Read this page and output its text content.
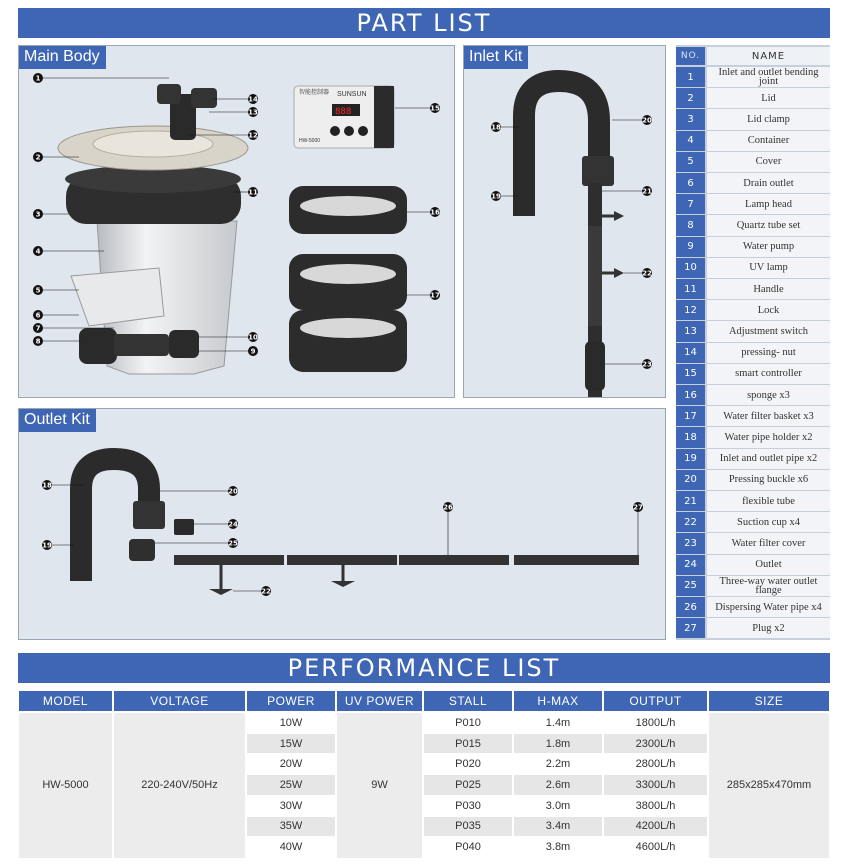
PART LIST
888
智能控制器 SUNSUN
HW-5000
1
14
13
12
2
11
3
4
5
6
7
8	10
9
15
16
17
Main Body
18
20
19
21
22
23
Inlet Kit
18
20
19
24
25
22
26	27
Outlet Kit
NO.	NAME
1	Inlet and outlet bending joint
2	Lid
3	Lid clamp
4	Container
5	Cover
6	Drain outlet
7	Lamp head
8	Quartz tube set
9	Water pump
10	UV lamp
11	Handle
12	Lock
13	Adjustment switch
14	pressing- nut
15	smart controller
16	sponge x3
17	Water filter basket x3
18	Water pipe holder x2
19	Inlet and outlet pipe x2
20	Pressing buckle x6
21	flexible tube
22	Suction cup x4
23	Water filter cover
24	Outlet
25	Three-way water outlet flange
26	Dispersing Water pipe x4
27	Plug x2
PERFORMANCE LIST
MODEL	VOLTAGE	POWER	UV POWER	STALL	H-MAX	OUTPUT	SIZE
HW-5000	220-240V/50Hz	9W	285x285x470mm
10W	P010	1.4m	1800L/h
15W	P015	1.8m	2300L/h
20W	P020	2.2m	2800L/h
25W	P025	2.6m	3300L/h
30W	P030	3.0m	3800L/h
35W	P035	3.4m	4200L/h
40W	P040	3.8m	4600L/h
